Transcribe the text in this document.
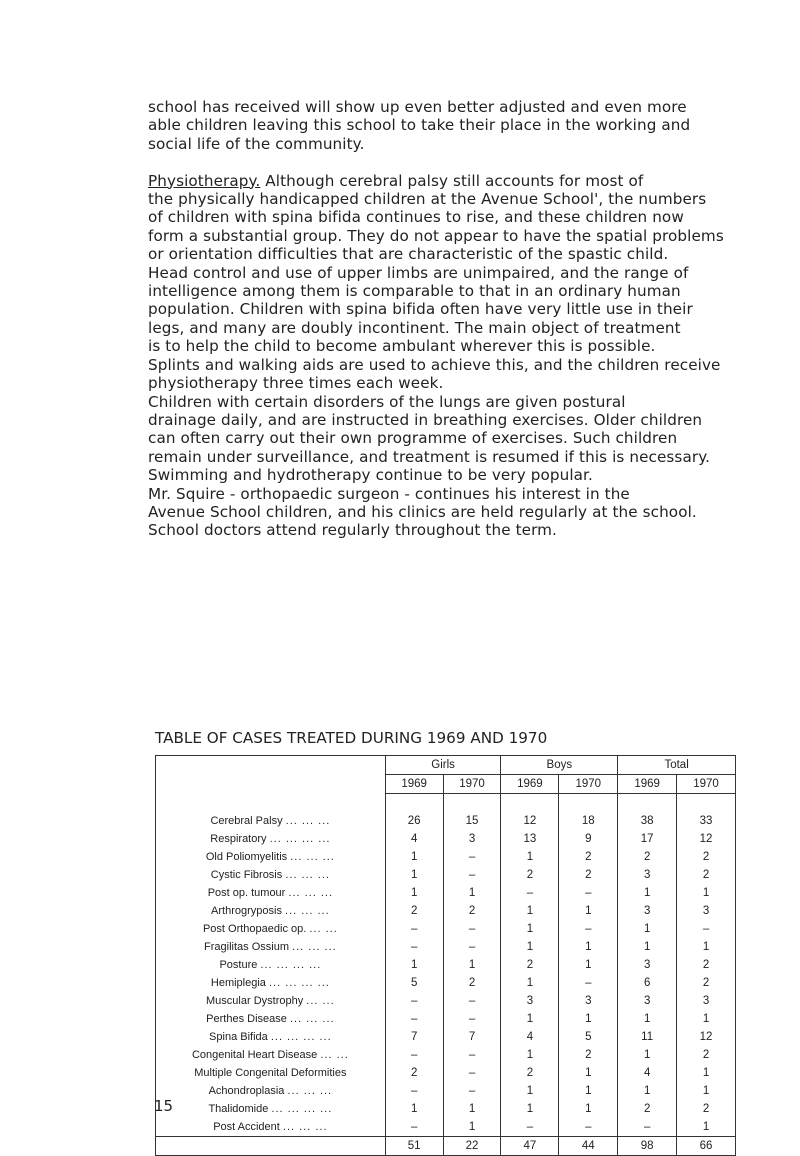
school has received will show up even better adjusted and even more
able children leaving this school to take their place in the working and
social life of the community.

Physiotherapy. Although cerebral palsy still accounts for most of
the physically handicapped children at the Avenue School', the numbers
of children with spina bifida continues to rise, and these children now
form a substantial group. They do not appear to have the spatial problems
or orientation difficulties that are characteristic of the spastic child.
Head control and use of upper limbs are unimpaired, and the range of
intelligence among them is comparable to that in an ordinary human
population. Children with spina bifida often have very little use in their
legs, and many are doubly incontinent. The main object of treatment
is to help the child to become ambulant wherever this is possible.
Splints and walking aids are used to achieve this, and the children receive
physiotherapy three times each week.
Children with certain disorders of the lungs are given postural
drainage daily, and are instructed in breathing exercises. Older children
can often carry out their own programme of exercises. Such children
remain under surveillance, and treatment is resumed if this is necessary.
Swimming and hydrotherapy continue to be very popular.
Mr. Squire - orthopaedic surgeon - continues his interest in the
Avenue School children, and his clinics are held regularly at the school.
School doctors attend regularly throughout the term.
TABLE OF CASES TREATED DURING 1969 AND 1970
	Girls		Boys		Total	
	1969	1970	1969	1970	1969	1970

Cerebral Palsy ... ... ...	26	15	12	18	38	33
Respiratory ... ... ... ...	4	3	13	9	17	12
Old Poliomyelitis ... ... ...	1	–	1	2	2	2
Cystic Fibrosis ... ... ...	1	–	2	2	3	2
Post op. tumour ... ... ...	1	1	–	–	1	1
Arthrogryposis ... ... ...	2	2	1	1	3	3
Post Orthopaedic op. ... ...	–	–	1	–	1	–
Fragilitas Ossium ... ... ...	–	–	1	1	1	1
Posture ... ... ... ...	1	1	2	1	3	2
Hemiplegia ... ... ... ...	5	2	1	–	6	2
Muscular Dystrophy ... ...	–	–	3	3	3	3
Perthes Disease ... ... ...	–	–	1	1	1	1
Spina Bifida ... ... ... ...	7	7	4	5	11	12
Congenital Heart Disease ... ...	–	–	1	2	1	2
Multiple Congenital Deformities	2	–	2	1	4	1
Achondroplasia ... ... ...	–	–	1	1	1	1
Thalidomide ... ... ... ...	1	1	1	1	2	2
Post Accident ... ... ...	–	1	–	–	–	1
	51	22	47	44	98	66
15
